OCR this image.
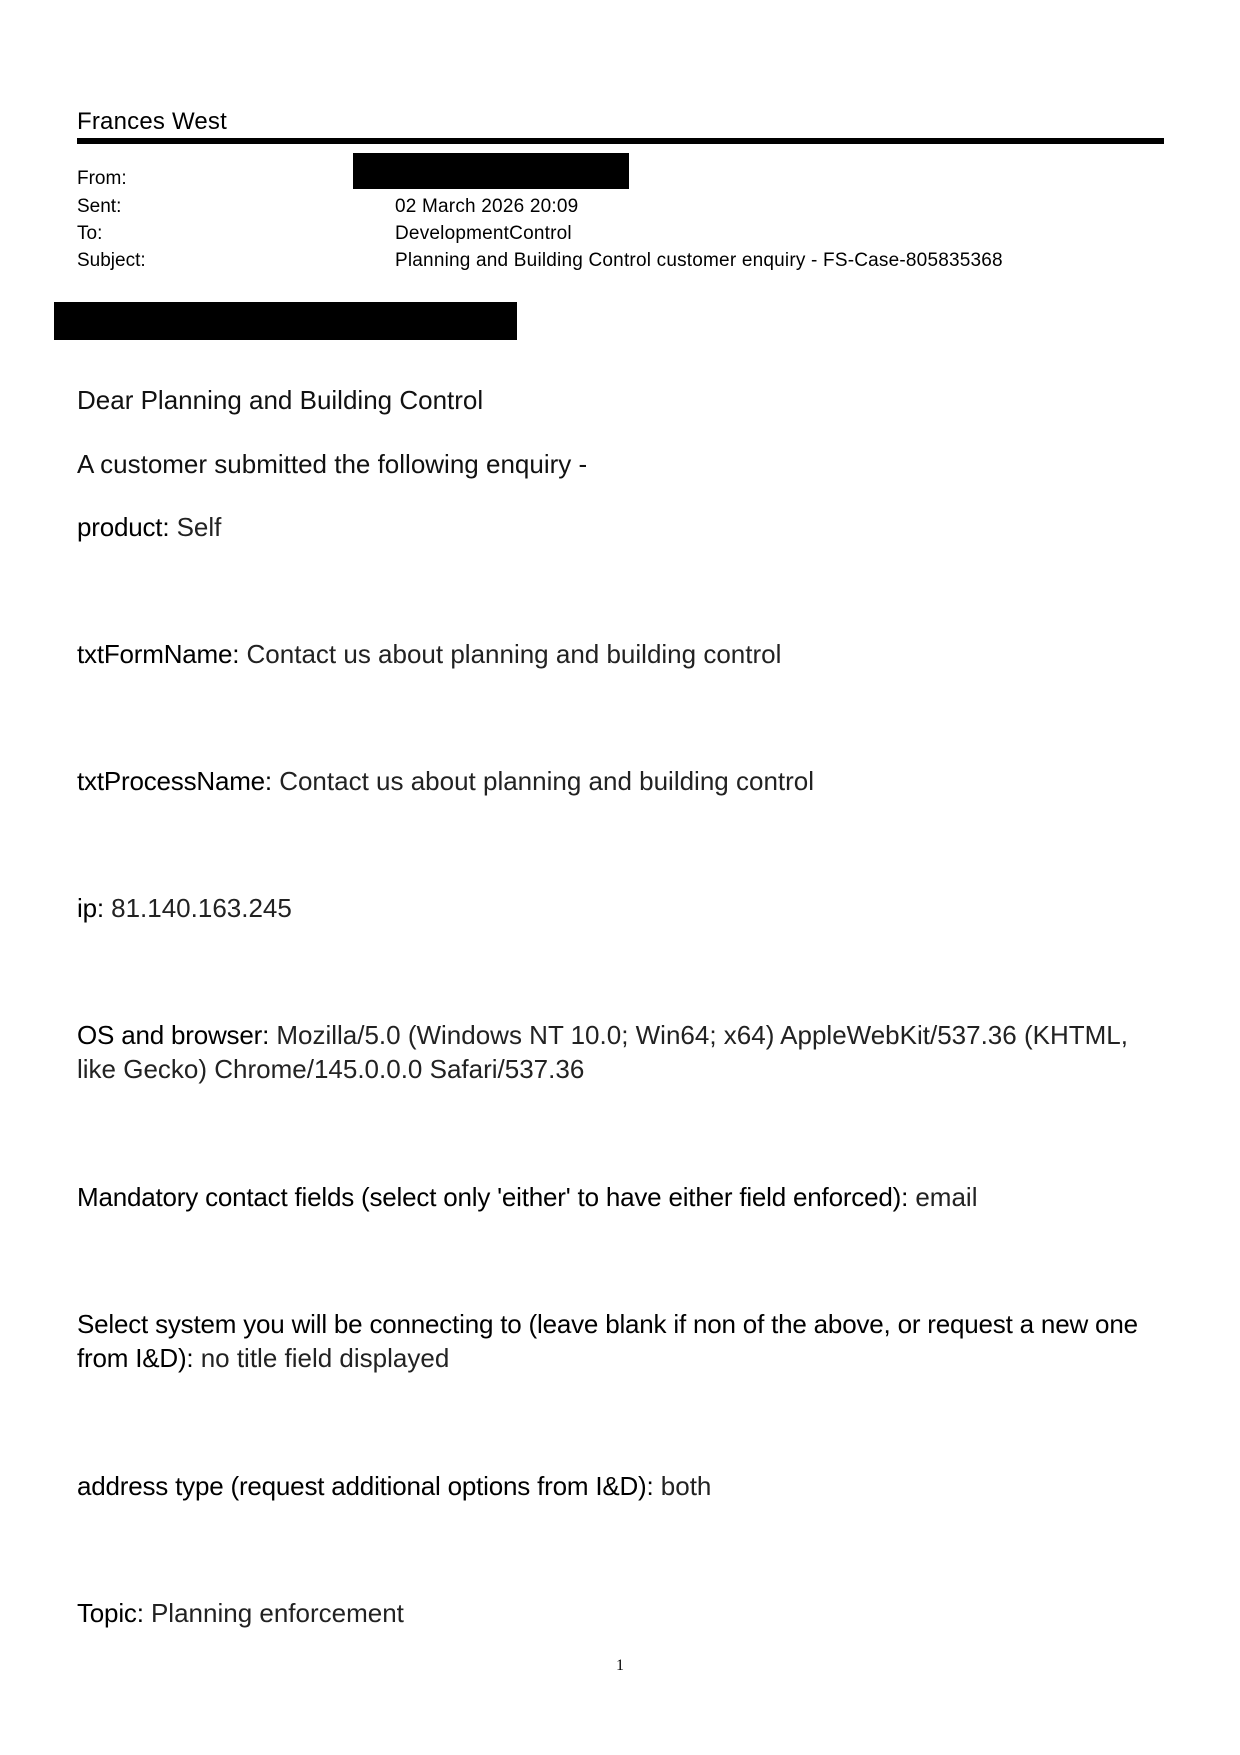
Frances West
From:
Sent:	02 March 2026 20:09
To:	DevelopmentControl
Subject:	Planning and Building Control customer enquiry - FS-Case-805835368
Dear Planning and Building Control
A customer submitted the following enquiry -
product: Self
txtFormName: Contact us about planning and building control
txtProcessName: Contact us about planning and building control
ip: 81.140.163.245
OS and browser: Mozilla/5.0 (Windows NT 10.0; Win64; x64) AppleWebKit/537.36 (KHTML, like Gecko) Chrome/145.0.0.0 Safari/537.36
Mandatory contact fields (select only 'either' to have either field enforced): email
Select system you will be connecting to (leave blank if non of the above, or request a new one from I&D): no title field displayed
address type (request additional options from I&D): both
Topic: Planning enforcement
1
